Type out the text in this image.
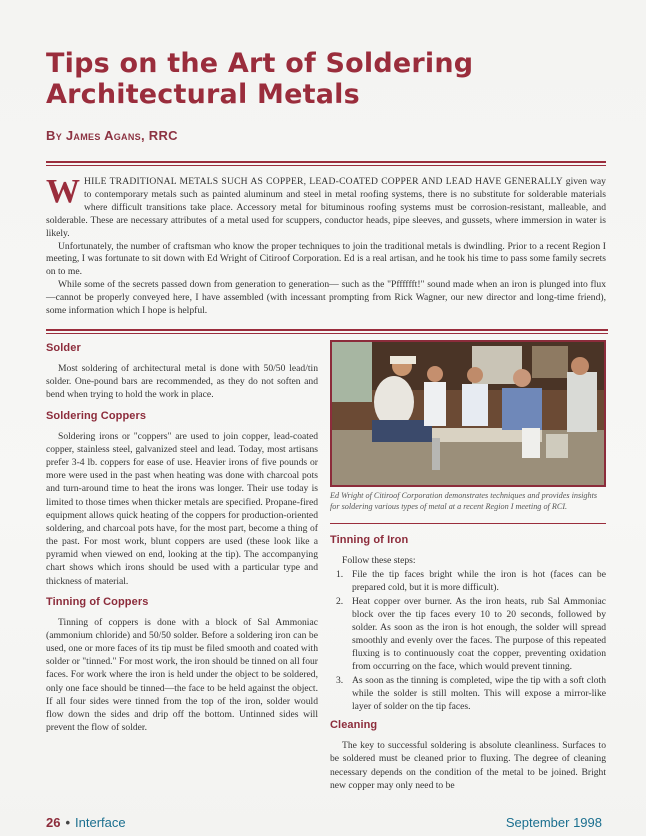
Tips on the Art of Soldering
Architectural Metals
By James Agans, RRC

WHILE TRADITIONAL METALS SUCH AS COPPER, LEAD-COATED COPPER AND LEAD HAVE GENERALLY given way to contemporary metals such as painted aluminum and steel in metal roofing systems, there is no substitute for solderable materials where difficult transitions take place. Accessory metal for bituminous roofing systems must be corrosion-resistant, malleable, and solderable. These are necessary attributes of a metal used for scuppers, conductor heads, pipe sleeves, and gussets, where immersion in water is likely.

Unfortunately, the number of craftsman who know the proper techniques to join the traditional metals is dwindling. Prior to a recent Region I meeting, I was fortunate to sit down with Ed Wright of Citiroof Corporation. Ed is a real artisan, and he took his time to pass some family secrets on to me.

While some of the secrets passed down from generation to generation— such as the "Pfffffft!" sound made when an iron is plunged into flux—cannot be properly conveyed here, I have assembled (with incessant prompting from Rick Wagner, our new director and long-time friend), some information which I hope is helpful.

Solder

Most soldering of architectural metal is done with 50/50 lead/tin solder. One-pound bars are recommended, as they do not soften and bend when trying to hold the work in place.

Soldering Coppers

Soldering irons or "coppers" are used to join copper, lead-coated copper, stainless steel, galvanized steel and lead. Today, most artisans prefer 3-4 lb. coppers for ease of use. Heavier irons of five pounds or more were used in the past when heating was done with charcoal pots and turn-around time to heat the irons was longer. Their use today is limited to those times when thicker metals are specified. Propane-fired equipment allows quick heating of the coppers for production-oriented soldering, and charcoal pots have, for the most part, become a thing of the past. For most work, blunt coppers are used (these look like a pyramid when viewed on end, looking at the tip). The accompanying chart shows which irons should be used with a particular type and thickness of material.

Tinning of Coppers

Tinning of coppers is done with a block of Sal Ammoniac (ammonium chloride) and 50/50 solder. Before a soldering iron can be used, one or more faces of its tip must be filed smooth and coated with solder or "tinned." For most work, the iron should be tinned on all four faces. For work where the iron is held under the object to be soldered, only one face should be tinned—the face to be held against the object. If all four sides were tinned from the top of the iron, solder would flow down the sides and drip off the bottom. Untinned sides will prevent the flow of solder.

Ed Wright of Citiroof Corporation demonstrates techniques and provides insights for soldering various types of metal at a recent Region I meeting of RCI.
Tinning of Iron

Follow these steps:

1. File the tip faces bright while the iron is hot (faces can be prepared cold, but it is more difficult).
2. Heat copper over burner. As the iron heats, rub Sal Ammoniac block over the tip faces every 10 to 20 seconds, followed by solder. As soon as the iron is hot enough, the solder will spread smoothly and evenly over the faces. The purpose of this repeated fluxing is to continuously coat the copper, preventing oxidation from occurring on the face, which would prevent tinning.
3. As soon as the tinning is completed, wipe the tip with a soft cloth while the solder is still molten. This will expose a mirror-like layer of solder on the tip faces.
Cleaning

The key to successful soldering is absolute cleanliness. Surfaces to be soldered must be cleaned prior to fluxing. The degree of cleaning necessary depends on the condition of the metal to be joined. Bright new copper may only need to be

26 • Interface	September 1998
